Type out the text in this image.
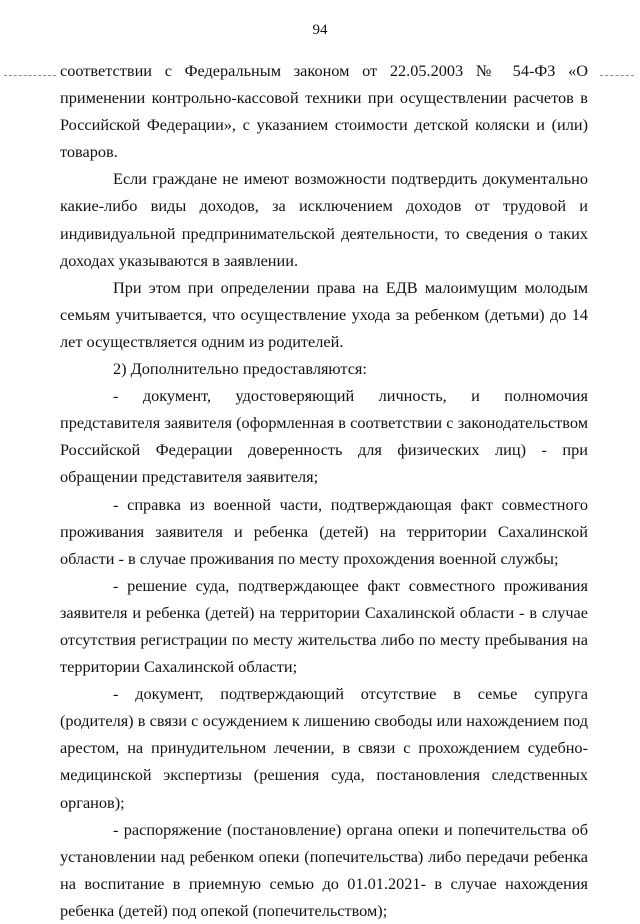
94

соответствии с Федеральным законом от 22.05.2003 № 54-ФЗ «О применении контрольно-кассовой техники при осуществлении расчетов в Российской Федерации», с указанием стоимости детской коляски и (или) товаров.

Если граждане не имеют возможности подтвердить документально какие-либо виды доходов, за исключением доходов от трудовой и индивидуальной предпринимательской деятельности, то сведения о таких доходах указываются в заявлении.

При этом при определении права на ЕДВ малоимущим молодым семьям учитывается, что осуществление ухода за ребенком (детьми) до 14 лет осуществляется одним из родителей.

2) Дополнительно предоставляются:

- документ, удостоверяющий личность, и полномочия представителя заявителя (оформленная в соответствии с законодательством Российской Федерации доверенность для физических лиц) - при обращении представителя заявителя;

- справка из военной части, подтверждающая факт совместного проживания заявителя и ребенка (детей) на территории Сахалинской области - в случае проживания по месту прохождения военной службы;

- решение суда, подтверждающее факт совместного проживания заявителя и ребенка (детей) на территории Сахалинской области - в случае отсутствия регистрации по месту жительства либо по месту пребывания на территории Сахалинской области;

- документ, подтверждающий отсутствие в семье супруга (родителя) в связи с осуждением к лишению свободы или нахождением под арестом, на принудительном лечении, в связи с прохождением судебно-медицинской экспертизы (решения суда, постановления следственных органов);

- распоряжение (постановление) органа опеки и попечительства об установлении над ребенком опеки (попечительства) либо передачи ребенка на воспитание в приемную семью до 01.01.2021- в случае нахождения ребенка (детей) под опекой (попечительством);
